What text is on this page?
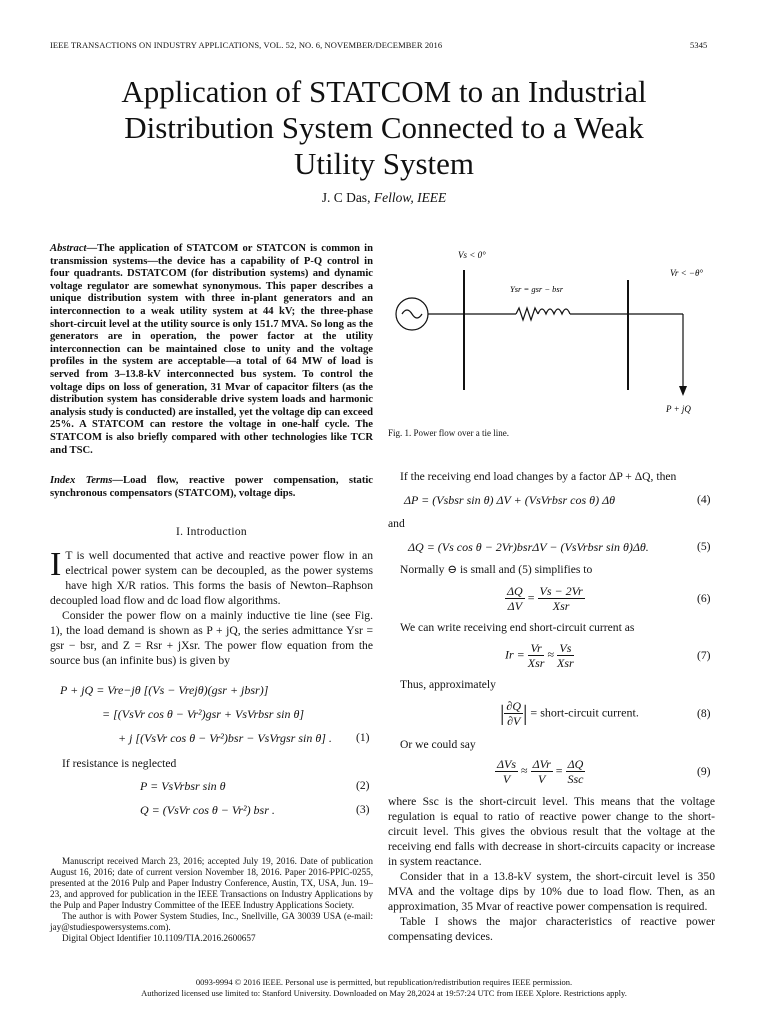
IEEE TRANSACTIONS ON INDUSTRY APPLICATIONS, VOL. 52, NO. 6, NOVEMBER/DECEMBER 2016	5345
Application of STATCOM to an Industrial
Distribution System Connected to a Weak
Utility System
J. C Das, Fellow, IEEE
Abstract—The application of STATCOM or STATCON is common in transmission systems—the device has a capability of P-Q control in four quadrants. DSTATCOM (for distribution systems) and dynamic voltage regulator are somewhat synonymous. This paper describes a unique distribution system with three in-plant generators and an interconnection to a weak utility system at 44 kV; the three-phase short-circuit level at the utility source is only 151.7 MVA. So long as the generators are in operation, the power factor at the utility interconnection can be maintained close to unity and the voltage profiles in the system are acceptable—a total of 64 MW of load is served from 3–13.8-kV interconnected bus system. To control the voltage dips on loss of generation, 31 Mvar of capacitor filters (as the distribution system has considerable drive system loads and harmonic analysis study is conducted) are installed, yet the voltage dip can exceed 25%. A STATCOM can restore the voltage in one-half cycle. The STATCOM is also briefly compared with other technologies like TCR and TSC.
Index Terms—Load flow, reactive power compensation, static synchronous compensators (STATCOM), voltage dips.
I. Introduction
I T is well documented that active and reactive power flow in an electrical power system can be decoupled, as the power systems have high X/R ratios. This forms the basis of Newton–Raphson decoupled load flow and dc load flow algorithms.

Consider the power flow on a mainly inductive tie line (see Fig. 1), the load demand is shown as P + jQ, the series admittance Ysr = gsr − bsr, and Z = Rsr + jXsr. The power flow equation from the source bus (an infinite bus) is given by

P + jQ = Vre−jθ [(Vs − Vrejθ)(gsr + jbsr)]
= [(VsVr cos θ − Vr²)gsr + VsVrbsr sin θ]
+ j [(VsVr cos θ − Vr²)bsr − VsVrgsr sin θ] . (1)
If resistance is neglected
P = VsVrbsr sin θ	(2)
Q = (VsVr cos θ − Vr²) bsr .	(3)

Manuscript received March 23, 2016; accepted July 19, 2016. Date of publication August 16, 2016; date of current version November 18, 2016. Paper 2016-PPIC-0255, presented at the 2016 Pulp and Paper Industry Conference, Austin, TX, USA, Jun. 19–23, and approved for publication in the IEEE Transactions on Industry Applications by the Pulp and Paper Industry Committee of the IEEE Industry Applications Society.

The author is with Power System Studies, Inc., Snellville, GA 30039 USA (e-mail: jay@studiespowersystems.com).

Digital Object Identifier 10.1109/TIA.2016.2600657

Vs < 0°
Vr < −θ°
Ysr = gsr − bsr
P + jQ
Fig. 1. Power flow over a tie line.
If the receiving end load changes by a factor ΔP + ΔQ, then
ΔP = (Vsbsr sin θ) ΔV + (VsVrbsr cos θ) Δθ	(4)
and
ΔQ = (Vs cos θ − 2Vr)bsrΔV − (VsVrbsr sin θ)Δθ.	(5)
Normally ⊖ is small and (5) simplifies to
$\frac{\Delta Q}{\Delta V} = \frac{Vs - 2Vr}{\text{Xsr}}$	(6)
We can write receiving end short-circuit current as
$Ir = \frac{Vr}{\text{Xsr}} \approx \frac{Vs}{\text{Xsr}}$	(7)
Thus, approximately
| $\frac{\partial Q}{\partial V}$ | = short-circuit current.	(8)
Or we could say
$\frac{\text{ΔVs}}{V} \approx \frac{\text{ΔVr}}{V} = \frac{\Delta Q}{\text{Ssc}}$	(9)
where Ssc is the short-circuit level. This means that the voltage regulation is equal to ratio of reactive power change to the short-circuit level. This gives the obvious result that the voltage at the receiving end falls with decrease in short-circuits capacity or increase in system reactance.

Consider that in a 13.8-kV system, the short-circuit level is 350 MVA and the voltage dips by 10% due to load flow. Then, as an approximation, 35 Mvar of reactive power compensation is required.

Table I shows the major characteristics of reactive power compensating devices.

0093-9994 © 2016 IEEE. Personal use is permitted, but republication/redistribution requires IEEE permission.
Authorized licensed use limited to: Stanford University. Downloaded on May 28,2024 at 19:57:24 UTC from IEEE Xplore. Restrictions apply.
